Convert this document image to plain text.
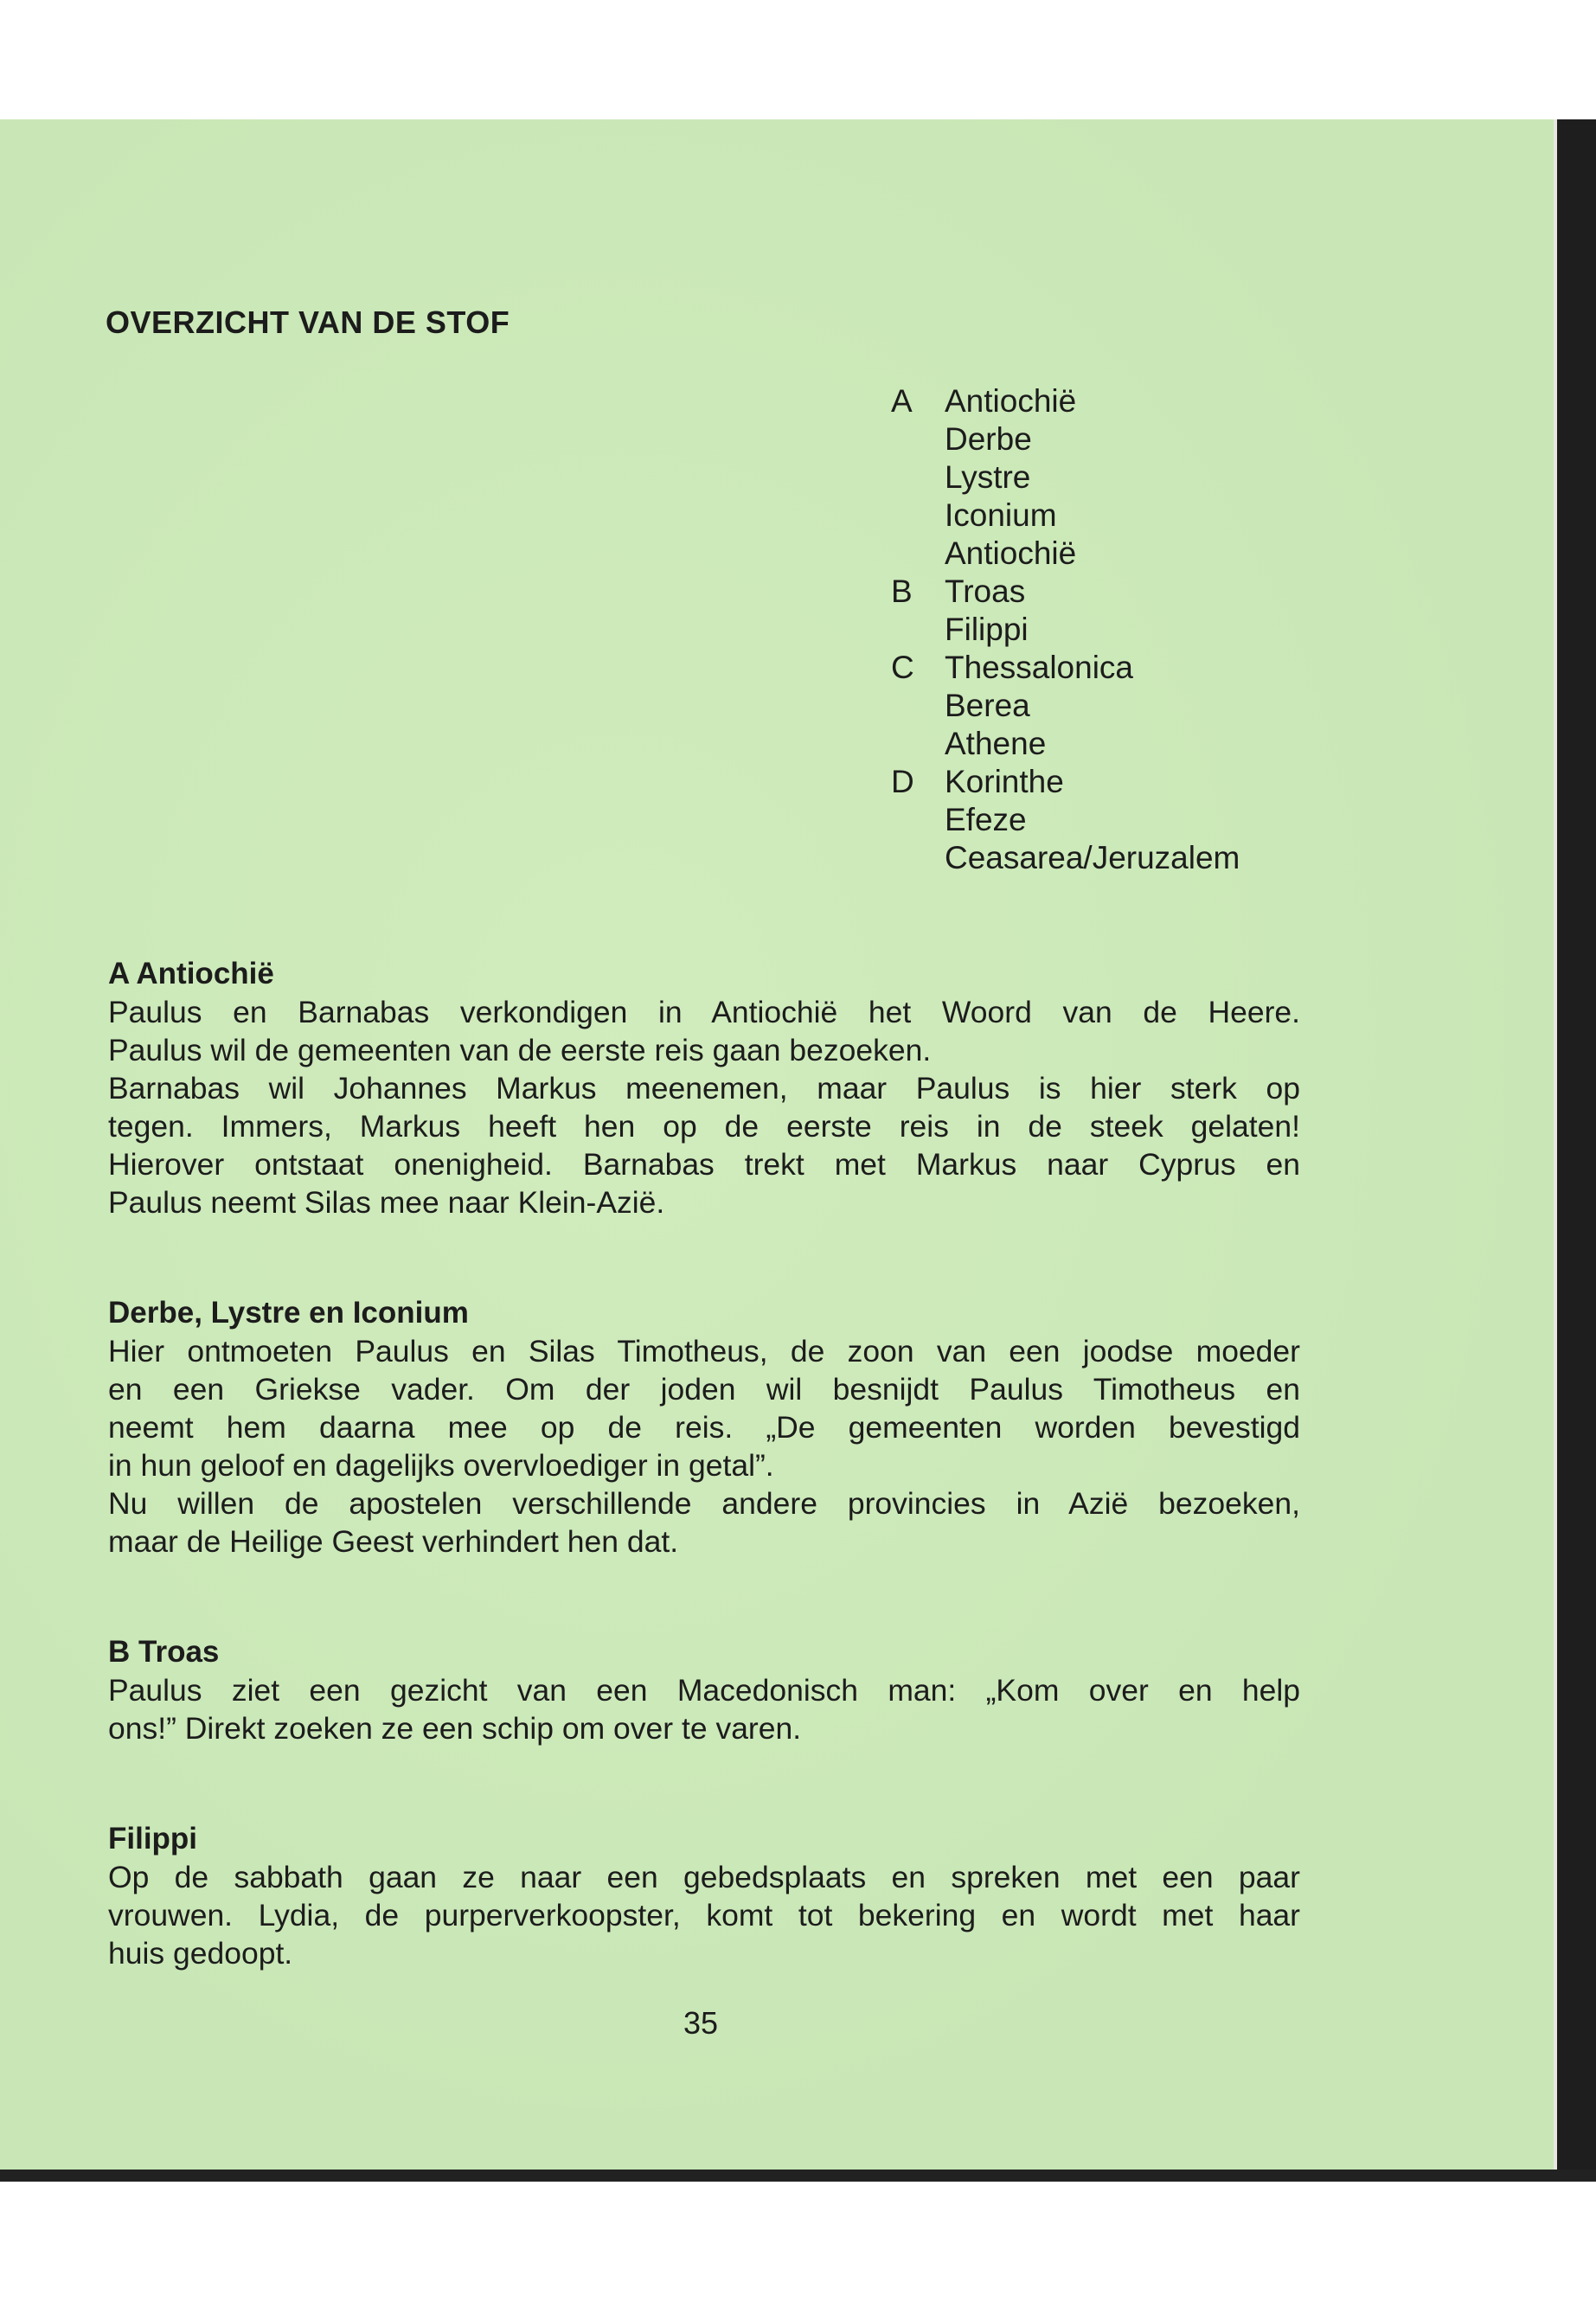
OVERZICHT VAN DE STOF
A	Antiochië
Derbe
Lystre
Iconium
Antiochië
B	Troas
Filippi
C Thessalonica
Berea
Athene
D Korinthe
Efeze
Ceasarea/Jeruzalem
A Antiochië
Paulus en Barnabas verkondigen in Antiochië het Woord van de Heere.
Paulus wil de gemeenten van de eerste reis gaan bezoeken.
Barnabas wil Johannes Markus meenemen, maar Paulus is hier sterk op
tegen. Immers, Markus heeft hen op de eerste reis in de steek gelaten!
Hierover ontstaat onenigheid. Barnabas trekt met Markus naar Cyprus en
Paulus neemt Silas mee naar Klein-Azië.
Derbe, Lystre en Iconium
Hier ontmoeten Paulus en Silas Timotheus, de zoon van een joodse moeder
en een Griekse vader. Om der joden wil besnijdt Paulus Timotheus en
neemt hem daarna mee op de reis. „De gemeenten worden bevestigd
in hun geloof en dagelijks overvloediger in getal”.
Nu willen de apostelen verschillende andere provincies in Azië bezoeken,
maar de Heilige Geest verhindert hen dat.
B Troas
Paulus ziet een gezicht van een Macedonisch man: „Kom over en help
ons!” Direkt zoeken ze een schip om over te varen.
Filippi
Op de sabbath gaan ze naar een gebedsplaats en spreken met een paar
vrouwen. Lydia, de purperverkoopster, komt tot bekering en wordt met haar
huis gedoopt.
35
